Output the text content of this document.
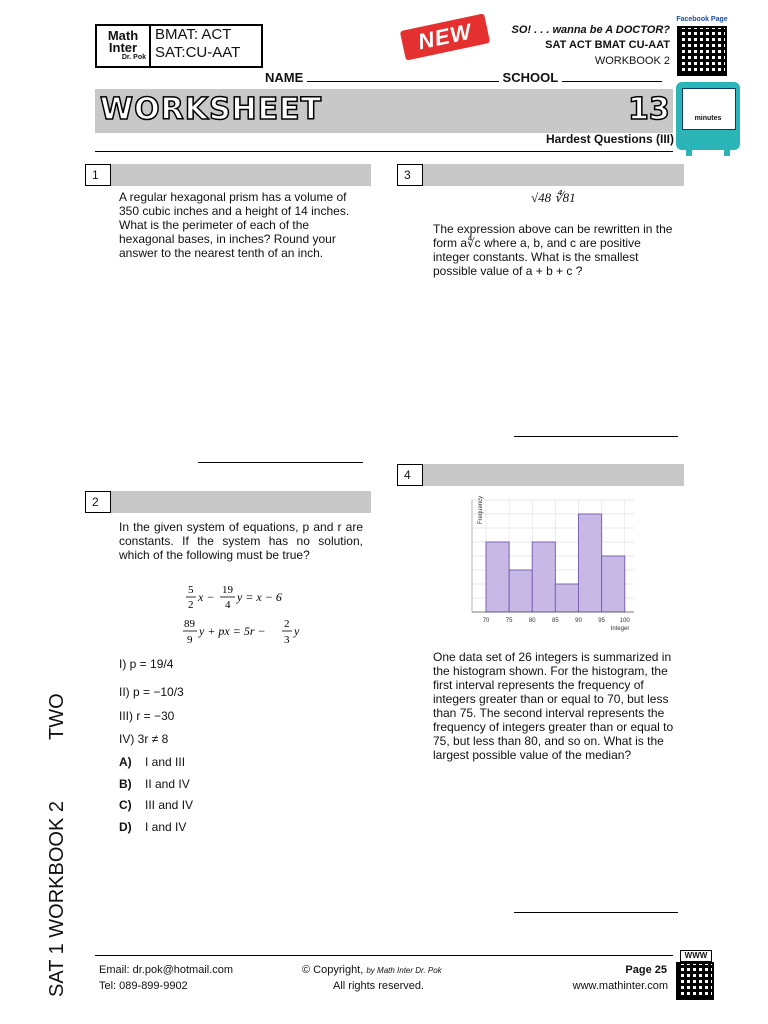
Math
Inter
Dr. Pok
BMAT: ACT
SAT:CU-AAT	NEW	SO! . . . wanna be A DOCTOR?
SAT ACT BMAT CU-AAT
WORKBOOK 2
Facebook Page
NAME	SCHOOL
WORKSHEET	13
Hardest Questions (III)
minutes
1
A regular hexagonal prism has a volume of 350 cubic inches and a height of 14 inches. What is the perimeter of each of the hexagonal bases, in inches? Round your answer to the nearest tenth of an inch.
2
In the given system of equations, p and r are constants. If the system has no solution, which of the following must be true?
5
2
x − 19
4
y = x − 6
89
9
y + px = 5r − 2
3
y
I) p = 19/4
II) p = −10/3
III) r = −30
IV) 3r ≠ 8
A) I and III
B) II and IV
C) III and IV
D) I and IV
3
√48 ∜81
The expression above can be rewritten in the form a∜c where a, b, and c are positive integer constants. What is the smallest possible value of a + b + c ?
4
70	75	80	85	90	95 100
Integer
Frequency
One data set of 26 integers is summarized in the histogram shown. For the histogram, the first interval represents the frequency of integers greater than or equal to 70, but less than 75. The second interval represents the frequency of integers greater than or equal to 75, but less than 80, and so on. What is the largest possible value of the median?
TWO
SAT 1 WORKBOOK 2	Email: dr.pok@hotmail.com
Tel: 089-899-9902
© Copyright, by Math Inter Dr. Pok
All rights reserved.
Page 25
www.mathinter.com
WWW
